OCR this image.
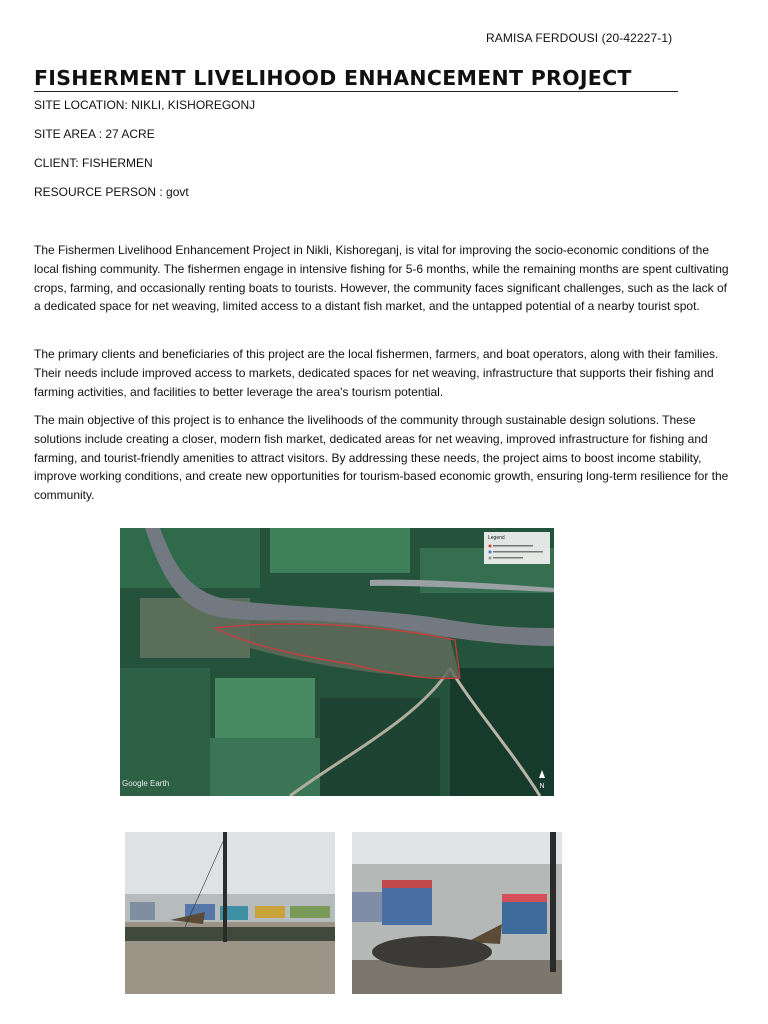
RAMISA FERDOUSI (20-42227-1)
FISHERMENT LIVELIHOOD ENHANCEMENT PROJECT
SITE LOCATION: NIKLI, KISHOREGONJ
SITE AREA : 27 ACRE
CLIENT: FISHERMEN
RESOURCE PERSON : govt

The Fishermen Livelihood Enhancement Project in Nikli, Kishoreganj, is vital for improving the socio-economic conditions of the local fishing community. The fishermen engage in intensive fishing for 5-6 months, while the remaining months are spent cultivating crops, farming, and occasionally renting boats to tourists. However, the community faces significant challenges, such as the lack of a dedicated space for net weaving, limited access to a distant fish market, and the untapped potential of a nearby tourist spot.

The primary clients and beneficiaries of this project are the local fishermen, farmers, and boat operators, along with their families. Their needs include improved access to markets, dedicated spaces for net weaving, infrastructure that supports their fishing and farming activities, and facilities to better leverage the area's tourism potential.

The main objective of this project is to enhance the livelihoods of the community through sustainable design solutions. These solutions include creating a closer, modern fish market, dedicated areas for net weaving, improved infrastructure for fishing and farming, and tourist-friendly amenities to attract visitors. By addressing these needs, the project aims to boost income stability, improve working conditions, and create new opportunities for tourism-based economic growth, ensuring long-term resilience for the community.

Legend
Google Earth	N
